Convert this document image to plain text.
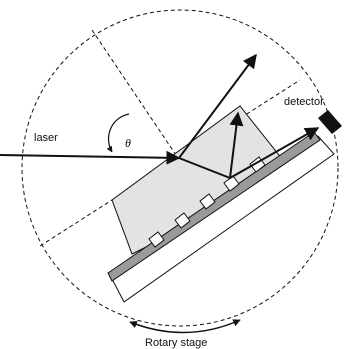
laser	θ
detector
Rotary stage
